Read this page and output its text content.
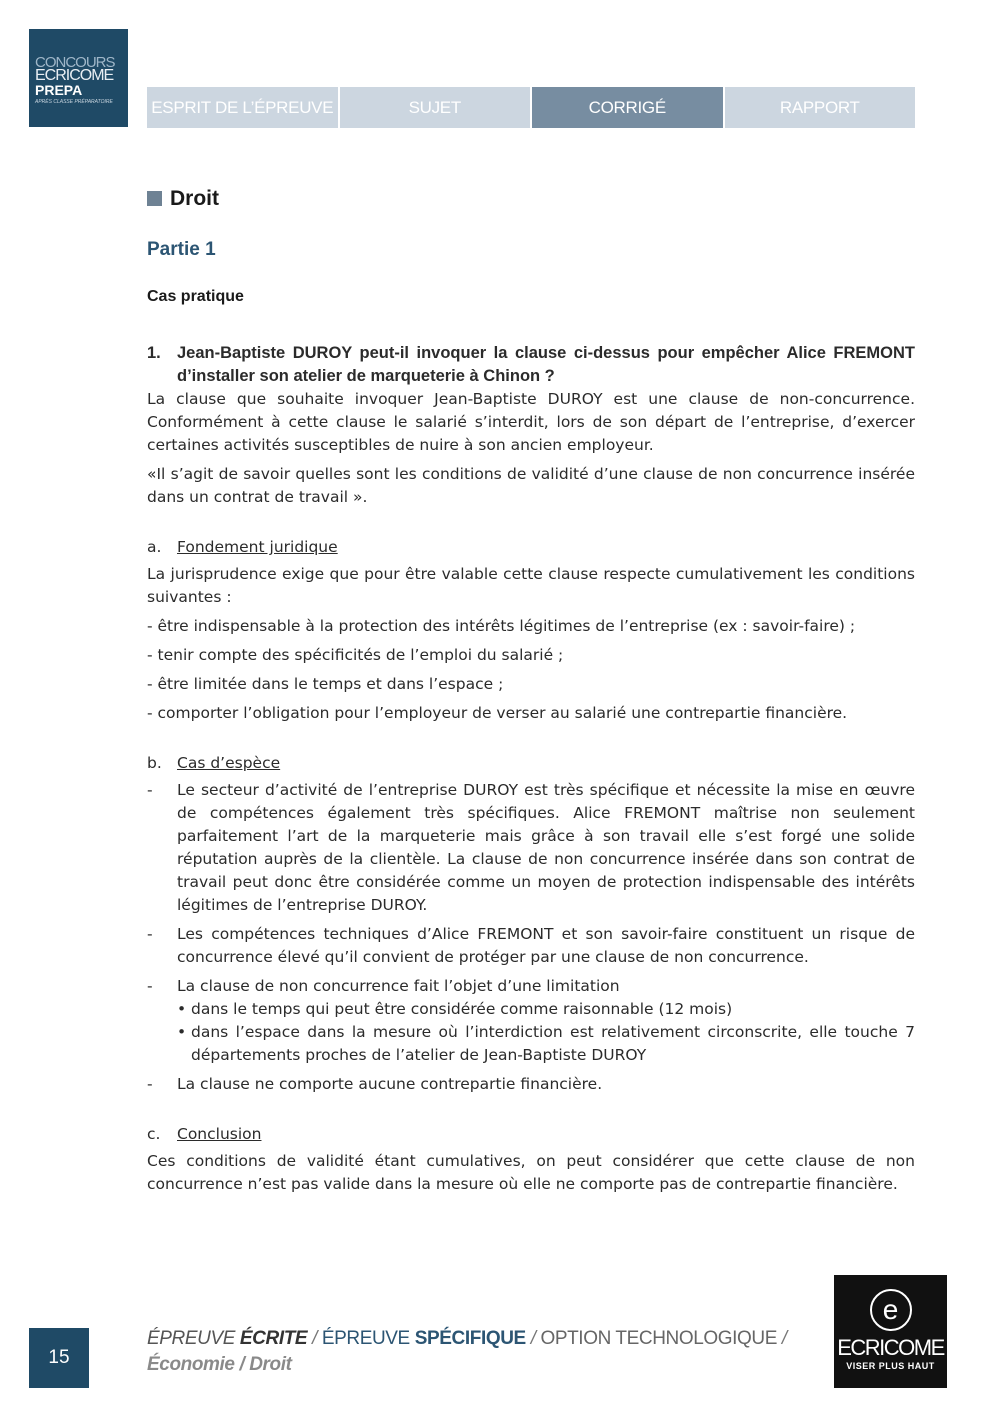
CONCOURS
ECRICOME
PREPA
APRÈS CLASSE PRÉPARATOIRE	ESPRIT DE L’ÉPREUVE	SUJET	CORRIGÉ	RAPPORT
Droit
Partie 1
Cas pratique
1. Jean-Baptiste DUROY peut-il invoquer la clause ci-dessus pour empêcher Alice FREMONT d’installer son atelier de marqueterie à Chinon ?

La clause que souhaite invoquer Jean-Baptiste DUROY est une clause de non-concurrence. Conformément à cette clause le salarié s’interdit, lors de son départ de l’entreprise, d’exercer certaines activités susceptibles de nuire à son ancien employeur.

«Il s’agit de savoir quelles sont les conditions de validité d’une clause de non concurrence insérée dans un contrat de travail ».

a. Fondement juridique

La jurisprudence exige que pour être valable cette clause respecte cumulativement les conditions suivantes :

- être indispensable à la protection des intérêts légitimes de l’entreprise (ex : savoir-faire) ;
- tenir compte des spécificités de l’emploi du salarié ;
- être limitée dans le temps et dans l’espace ;
- comporter l’obligation pour l’employeur de verser au salarié une contrepartie financière.
b. Cas d’espèce
-	Le secteur d’activité de l’entreprise DUROY est très spécifique et nécessite la mise en œuvre de compétences également très spécifiques. Alice FREMONT maîtrise non seulement parfaitement l’art de la marqueterie mais grâce à son travail elle s’est forgé une solide réputation auprès de la clientèle. La clause de non concurrence insérée dans son contrat de travail peut donc être considérée comme un moyen de protection indispensable des intérêts légitimes de l’entreprise DUROY.
-	Les compétences techniques d’Alice FREMONT et son savoir-faire constituent un risque de concurrence élevé qu’il convient de protéger par une clause de non concurrence.
-	La clause de non concurrence fait l’objet d’une limitation
• dans le temps qui peut être considérée comme raisonnable (12 mois)
• dans l’espace dans la mesure où l’interdiction est relativement circonscrite, elle touche 7 départements proches de l’atelier de Jean-Baptiste DUROY
-	La clause ne comporte aucune contrepartie financière.
c. Conclusion

Ces conditions de validité étant cumulatives, on peut considérer que cette clause de non concurrence n’est pas valide dans la mesure où elle ne comporte pas de contrepartie financière.

15
ÉPREUVE ÉCRITE / ÉPREUVE SPÉCIFIQUE / OPTION TECHNOLOGIQUE /
Économie / Droit
e
ECRICOME
VISER PLUS HAUT
